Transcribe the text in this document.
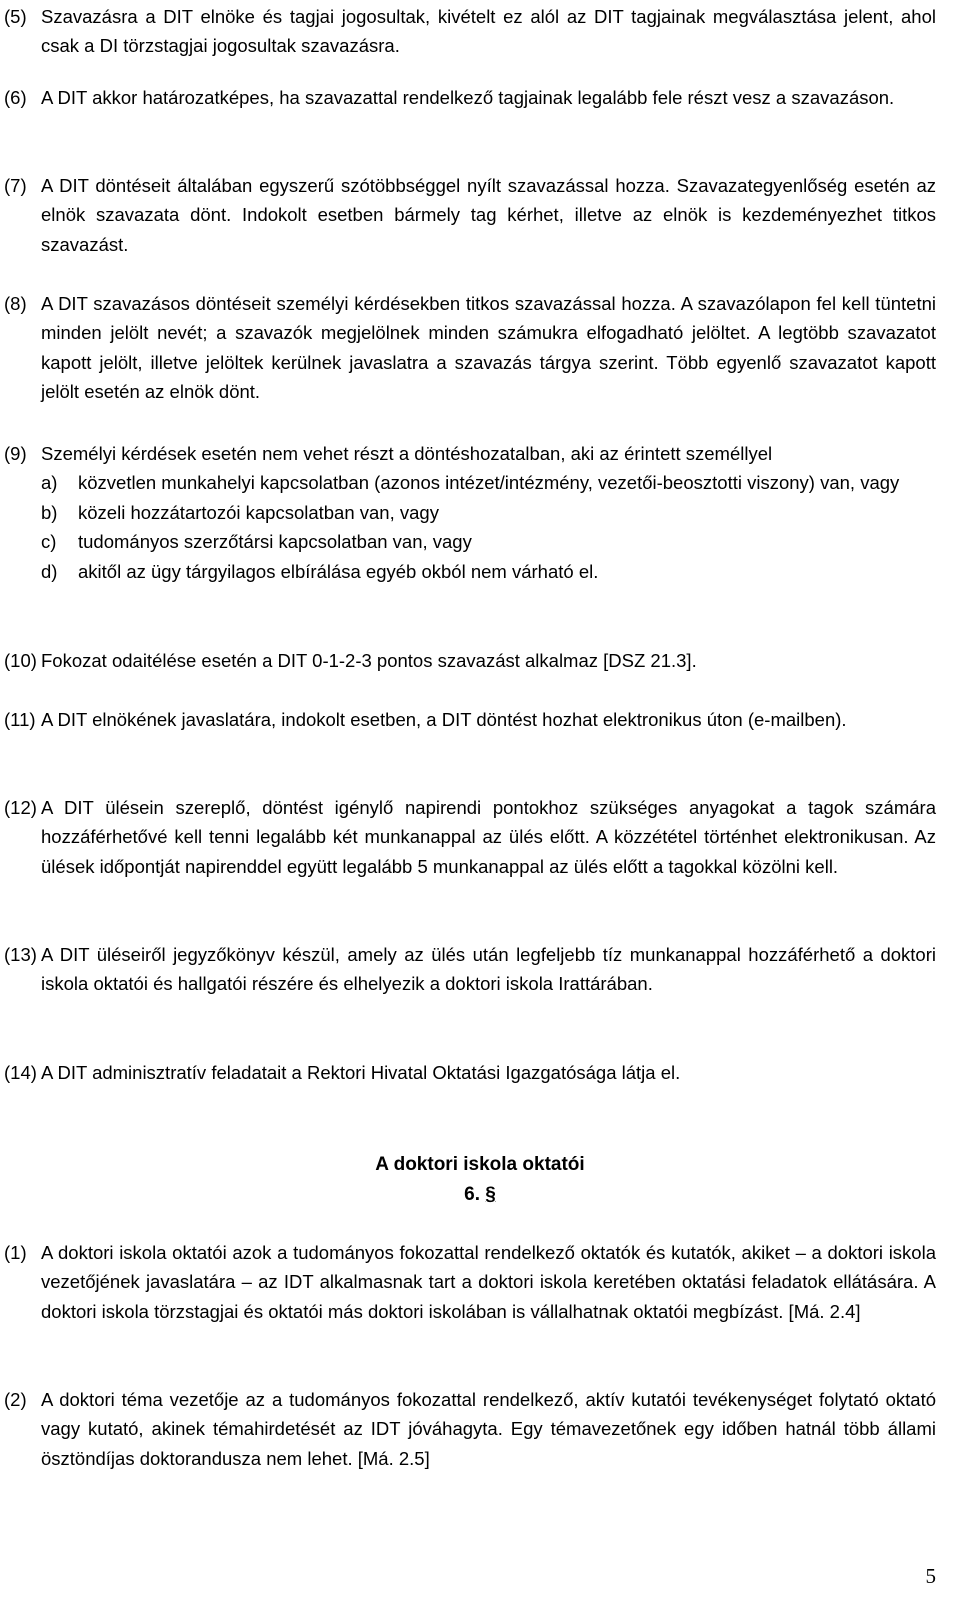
(5) Szavazásra a DIT elnöke és tagjai jogosultak, kivételt ez alól az DIT tagjainak megválasztása jelent, ahol csak a DI törzstagjai jogosultak szavazásra.
(6) A DIT akkor határozatképes, ha szavazattal rendelkező tagjainak legalább fele részt vesz a szavazáson.
(7) A DIT döntéseit általában egyszerű szótöbbséggel nyílt szavazással hozza. Szavazategyenlőség esetén az elnök szavazata dönt. Indokolt esetben bármely tag kérhet, illetve az elnök is kezdeményezhet titkos szavazást.
(8) A DIT szavazásos döntéseit személyi kérdésekben titkos szavazással hozza. A szavazólapon fel kell tüntetni minden jelölt nevét; a szavazók megjelölnek minden számukra elfogadható jelöltet. A legtöbb szavazatot kapott jelölt, illetve jelöltek kerülnek javaslatra a szavazás tárgya szerint. Több egyenlő szavazatot kapott jelölt esetén az elnök dönt.
(9) Személyi kérdések esetén nem vehet részt a döntéshozatalban, aki az érintett személlyel
a)	közvetlen munkahelyi kapcsolatban (azonos intézet/intézmény, vezetői-beosztotti viszony) van, vagy
b)	közeli hozzátartozói kapcsolatban van, vagy
c)	tudományos szerzőtársi kapcsolatban van, vagy
d)	akitől az ügy tárgyilagos elbírálása egyéb okból nem várható el.
(10) Fokozat odaitélése esetén a DIT 0-1-2-3 pontos szavazást alkalmaz [DSZ 21.3].
(11) A DIT elnökének javaslatára, indokolt esetben, a DIT döntést hozhat elektronikus úton (e-mailben).
(12) A DIT ülésein szereplő, döntést igénylő napirendi pontokhoz szükséges anyagokat a tagok számára hozzáférhetővé kell tenni legalább két munkanappal az ülés előtt. A közzététel történhet elektronikusan. Az ülések időpontját napirenddel együtt legalább 5 munkanappal az ülés előtt a tagokkal közölni kell.
(13) A DIT üléseiről jegyzőkönyv készül, amely az ülés után legfeljebb tíz munkanappal hozzáférhető a doktori iskola oktatói és hallgatói részére és elhelyezik a doktori iskola Irattárában.
(14) A DIT adminisztratív feladatait a Rektori Hivatal Oktatási Igazgatósága látja el.
A doktori iskola oktatói
6. §
(1) A doktori iskola oktatói azok a tudományos fokozattal rendelkező oktatók és kutatók, akiket – a doktori iskola vezetőjének javaslatára – az IDT alkalmasnak tart a doktori iskola keretében oktatási feladatok ellátására. A doktori iskola törzstagjai és oktatói más doktori iskolában is vállalhatnak oktatói megbízást. [Má. 2.4]
(2) A doktori téma vezetője az a tudományos fokozattal rendelkező, aktív kutatói tevékenységet folytató oktató vagy kutató, akinek témahirdetését az IDT jóváhagyta. Egy témavezetőnek egy időben hatnál több állami ösztöndíjas doktorandusza nem lehet. [Má. 2.5]
5
